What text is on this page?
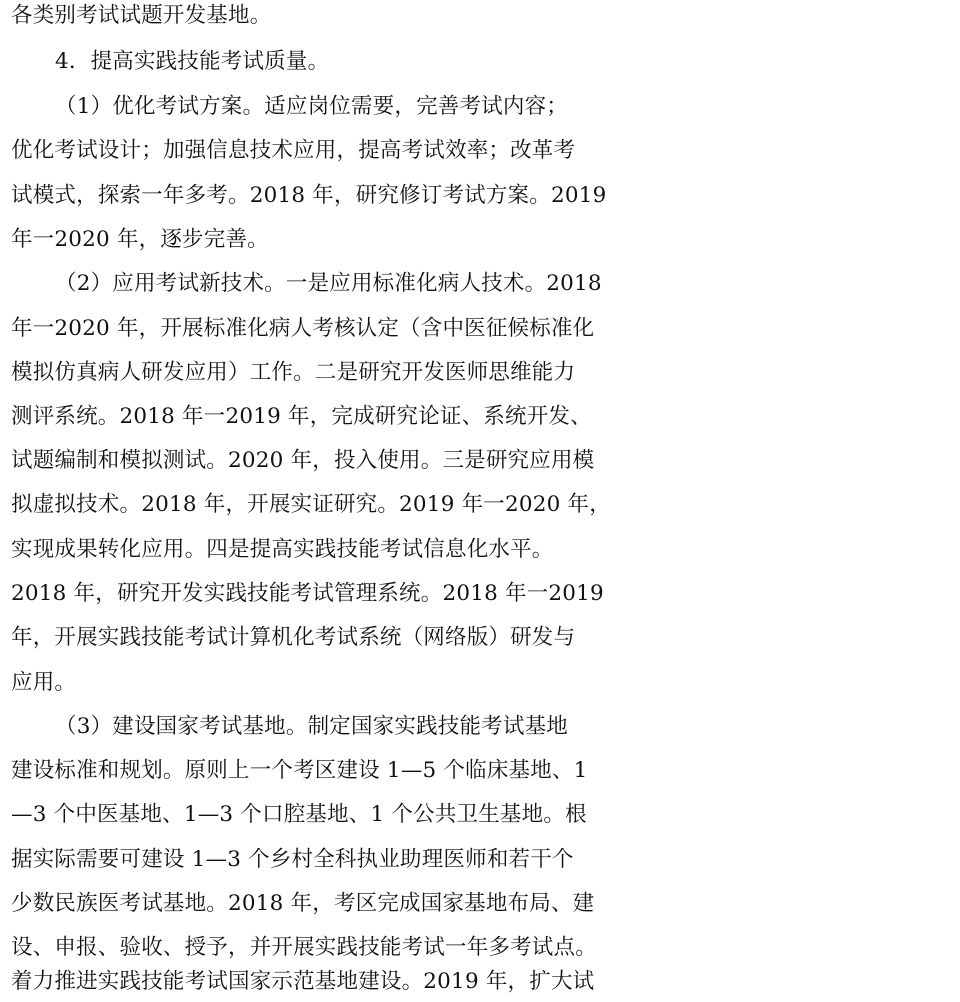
各类别考试试题开发基地。
4．提高实践技能考试质量。
（1）优化考试方案。适应岗位需要，完善考试内容；
优化考试设计；加强信息技术应用，提高考试效率；改革考
试模式，探索一年多考。2018 年，研究修订考试方案。2019
年一2020 年，逐步完善。
（2）应用考试新技术。一是应用标准化病人技术。2018
年一2020 年，开展标准化病人考核认定（含中医征候标准化
模拟仿真病人研发应用）工作。二是研究开发医师思维能力
测评系统。2018 年一2019 年，完成研究论证、系统开发、
试题编制和模拟测试。2020 年，投入使用。三是研究应用模
拟虚拟技术。2018 年，开展实证研究。2019 年一2020 年，
实现成果转化应用。四是提高实践技能考试信息化水平。
2018 年，研究开发实践技能考试管理系统。2018 年一2019
年，开展实践技能考试计算机化考试系统（网络版）研发与
应用。
（3）建设国家考试基地。制定国家实践技能考试基地
建设标准和规划。原则上一个考区建设 1—5 个临床基地、1
—3 个中医基地、1—3 个口腔基地、1 个公共卫生基地。根
据实际需要可建设 1—3 个乡村全科执业助理医师和若干个
少数民族医考试基地。2018 年，考区完成国家基地布局、建
设、申报、验收、授予，并开展实践技能考试一年多考试点。
着力推进实践技能考试国家示范基地建设。2019 年，扩大试
